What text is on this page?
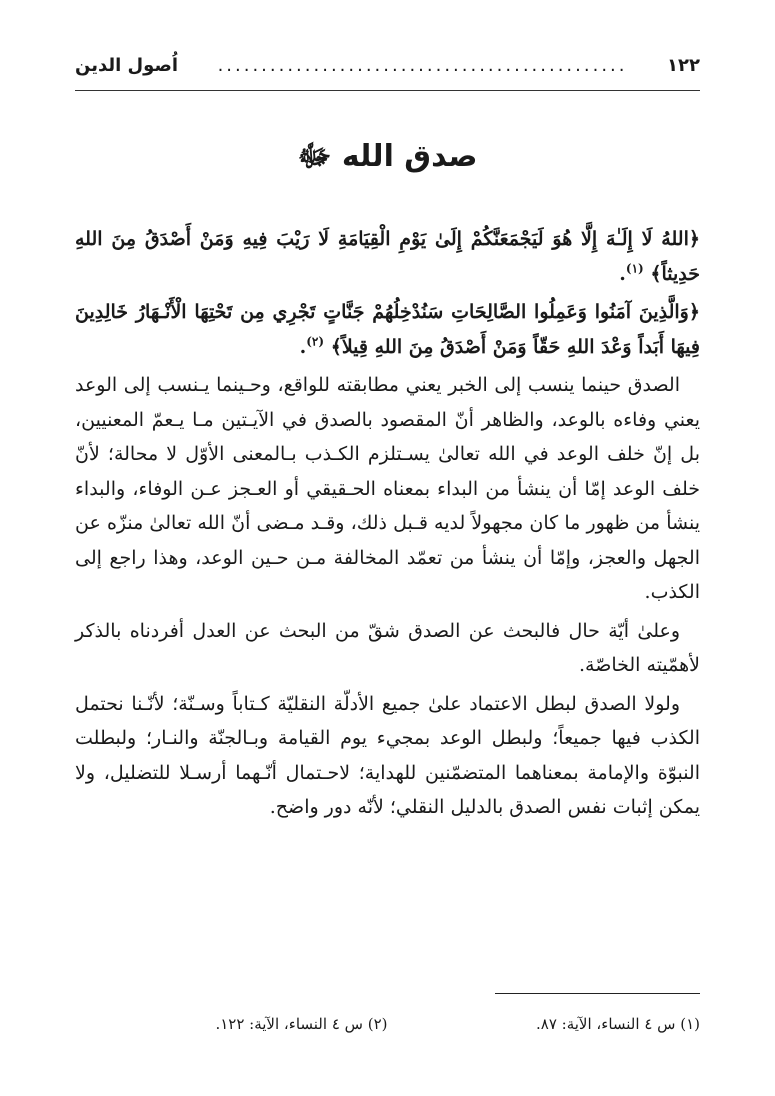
١٢٢
...............................................
اُصول الدين
صدق الله ﷻ

﴿اللهُ لَا إِلَـٰهَ إِلَّا هُوَ لَيَجْمَعَنَّكُمْ إِلَىٰ يَوْمِ الْقِيَامَةِ لَا رَيْبَ فِيهِ وَمَنْ أَصْدَقُ مِنَ اللهِ حَدِيثاً﴾ $^{(١)}$.

﴿وَالَّذِينَ آمَنُوا وَعَمِلُوا الصَّالِحَاتِ سَنُدْخِلُهُمْ جَنَّاتٍ تَجْرِي مِن تَحْتِهَا الْأَنْـهَارُ خَالِدِينَ فِيهَا أَبَداً وَعْدَ اللهِ حَقّاً وَمَنْ أَصْدَقُ مِنَ اللهِ قِيلاً﴾ $^{(٢)}$.

الصدق حينما ينسب إلى الخبر يعني مطابقته للواقع، وحـينما يـنسب إلى الوعد يعني وفاءه بالوعد، والظاهر أنّ المقصود بالصدق في الآيـتين مـا يـعمّ المعنيين، بل إنّ خلف الوعد في الله تعالىٰ يسـتلزم الكـذب بـالمعنى الأوّل لا محالة؛ لأنّ خلف الوعد إمّا أن ينشأ من البداء بمعناه الحـقيقي أو العـجز عـن الوفاء، والبداء ينشأ من ظهور ما كان مجهولاً لديه قـبل ذلك، وقـد مـضى أنّ الله تعالىٰ منزّه عن الجهل والعجز، وإمّا أن ينشأ من تعمّد المخالفة مـن حـين الوعد، وهذا راجع إلى الكذب.

وعلىٰ أيّة حال فالبحث عن الصدق شقّ من البحث عن العدل أفردناه بالذكر لأهمّيته الخاصّة.

ولولا الصدق لبطل الاعتماد علىٰ جميع الأدلّة النقليّة كـتاباً وسـنّة؛ لأنّـنا نحتمل الكذب فيها جميعاً؛ ولبطل الوعد بمجيء يوم القيامة وبـالجنّة والنـار؛ ولبطلت النبوّة والإمامة بمعناهما المتضمّنين للهداية؛ لاحـتمال أنّـهما أرسـلا للتضليل، ولا يمكن إثبات نفس الصدق بالدليل النقلي؛ لأنّه دور واضح.

(١) س ٤ النساء، الآية: ٨٧.
(٢) س ٤ النساء، الآية: ١٢٢.
